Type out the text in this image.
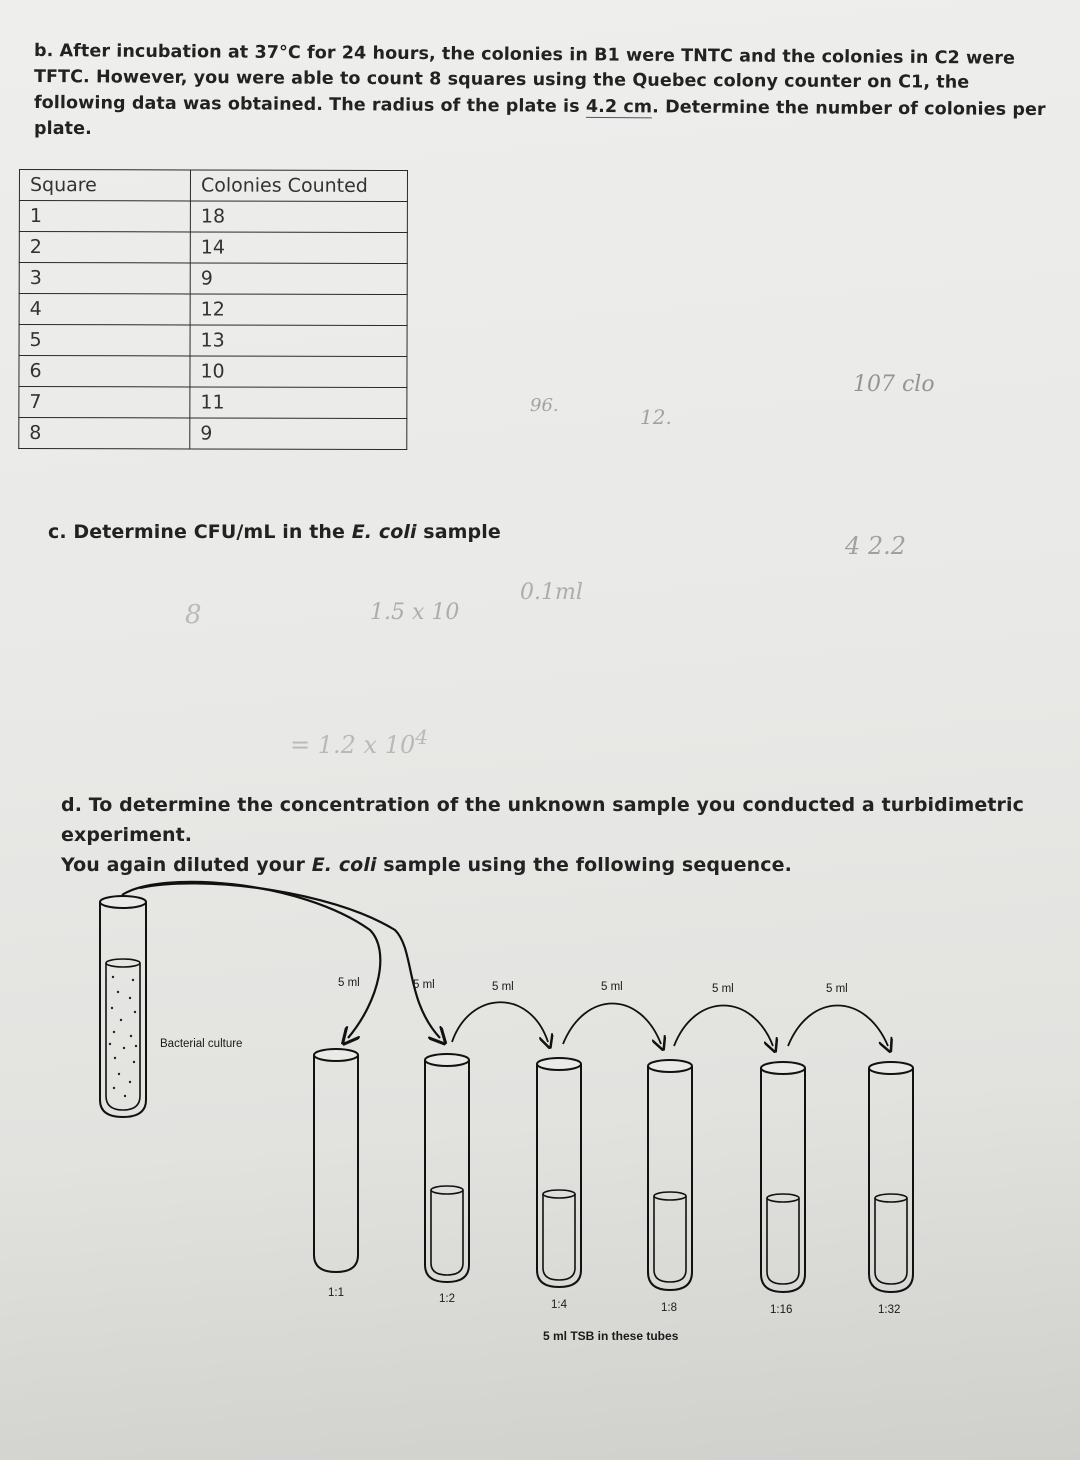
b. After incubation at 37°C for 24 hours, the colonies in B1 were TNTC and the colonies in C2 were
TFTC. However, you were able to count 8 squares using the Quebec colony counter on C1, the
following data was obtained. The radius of the plate is 4.2 cm. Determine the number of colonies per
plate.
Square	Colonies Counted
1	18
2	14
3	9
4	12
5	13
6	10
7	11
8	9
96.	12.
107 clo
8	1.5 x 10
0.1ml
= 1.2 x $10^4$
4 2.2
c. Determine CFU/mL in the E. coli sample
d. To determine the concentration of the unknown sample you conducted a turbidimetric experiment.
You again diluted your E. coli sample using the following sequence.
Bacterial culture
5 ml	5 ml	5 ml	5 ml	5 ml	5 ml
1:1	1:2	1:4	1:8	1:16	1:32
5 ml TSB in these tubes
